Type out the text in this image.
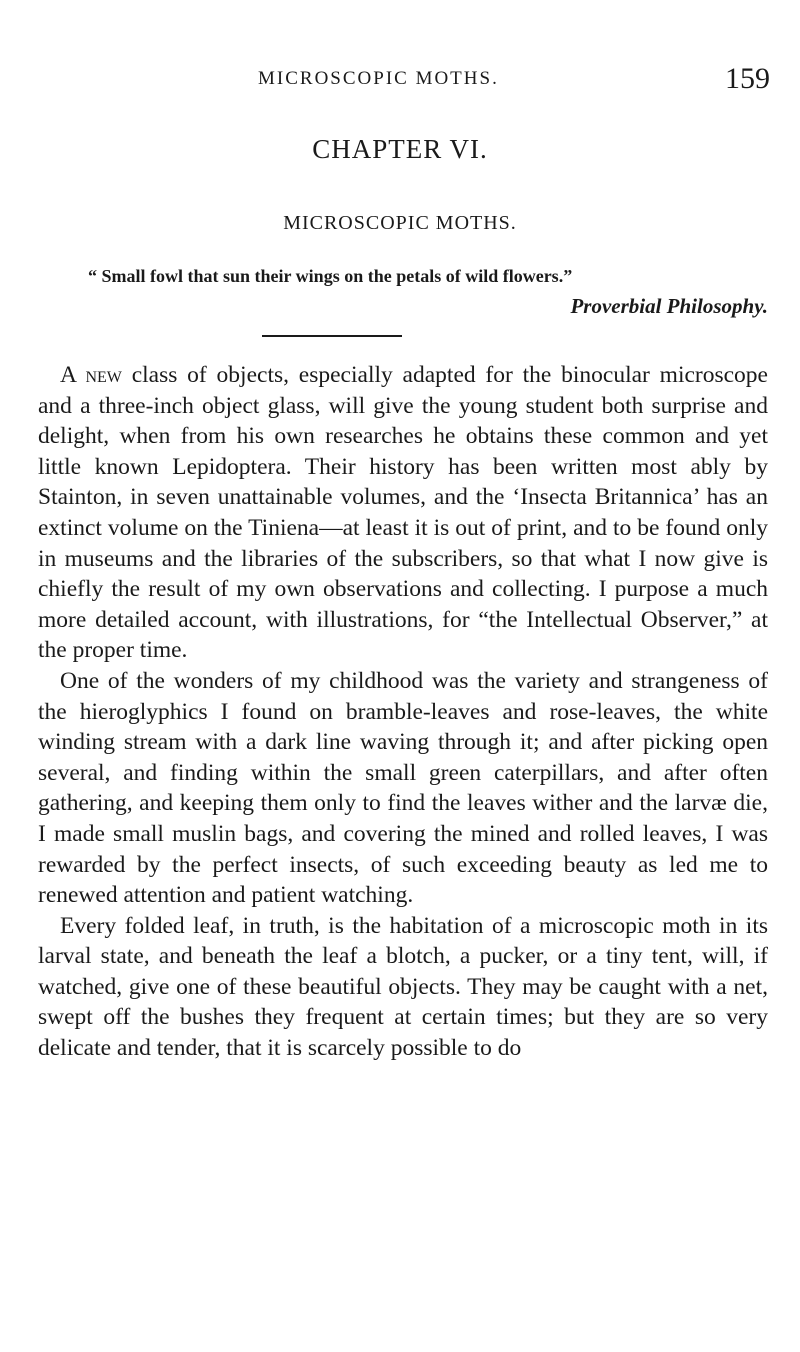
MICROSCOPIC MOTHS.	159
CHAPTER VI.
MICROSCOPIC MOTHS.
“ Small fowl that sun their wings on the petals of wild flowers.”
Proverbial Philosophy.

A new class of objects, especially adapted for the binocular microscope and a three-inch object glass, will give the young student both surprise and delight, when from his own researches he obtains these common and yet little known Lepidoptera. Their history has been written most ably by Stainton, in seven unattainable volumes, and the ‘Insecta Britannica’ has an extinct volume on the Tiniena—at least it is out of print, and to be found only in museums and the libraries of the subscribers, so that what I now give is chiefly the result of my own observations and collecting. I purpose a much more detailed account, with illustrations, for “the Intellectual Observer,” at the proper time.

One of the wonders of my childhood was the variety and strangeness of the hieroglyphics I found on bramble-leaves and rose-leaves, the white winding stream with a dark line waving through it; and after picking open several, and finding within the small green caterpillars, and after often gathering, and keeping them only to find the leaves wither and the larvæ die, I made small muslin bags, and covering the mined and rolled leaves, I was rewarded by the perfect insects, of such exceeding beauty as led me to renewed attention and patient watching.

Every folded leaf, in truth, is the habitation of a microscopic moth in its larval state, and beneath the leaf a blotch, a pucker, or a tiny tent, will, if watched, give one of these beautiful objects. They may be caught with a net, swept off the bushes they frequent at certain times; but they are so very delicate and tender, that it is scarcely possible to do
